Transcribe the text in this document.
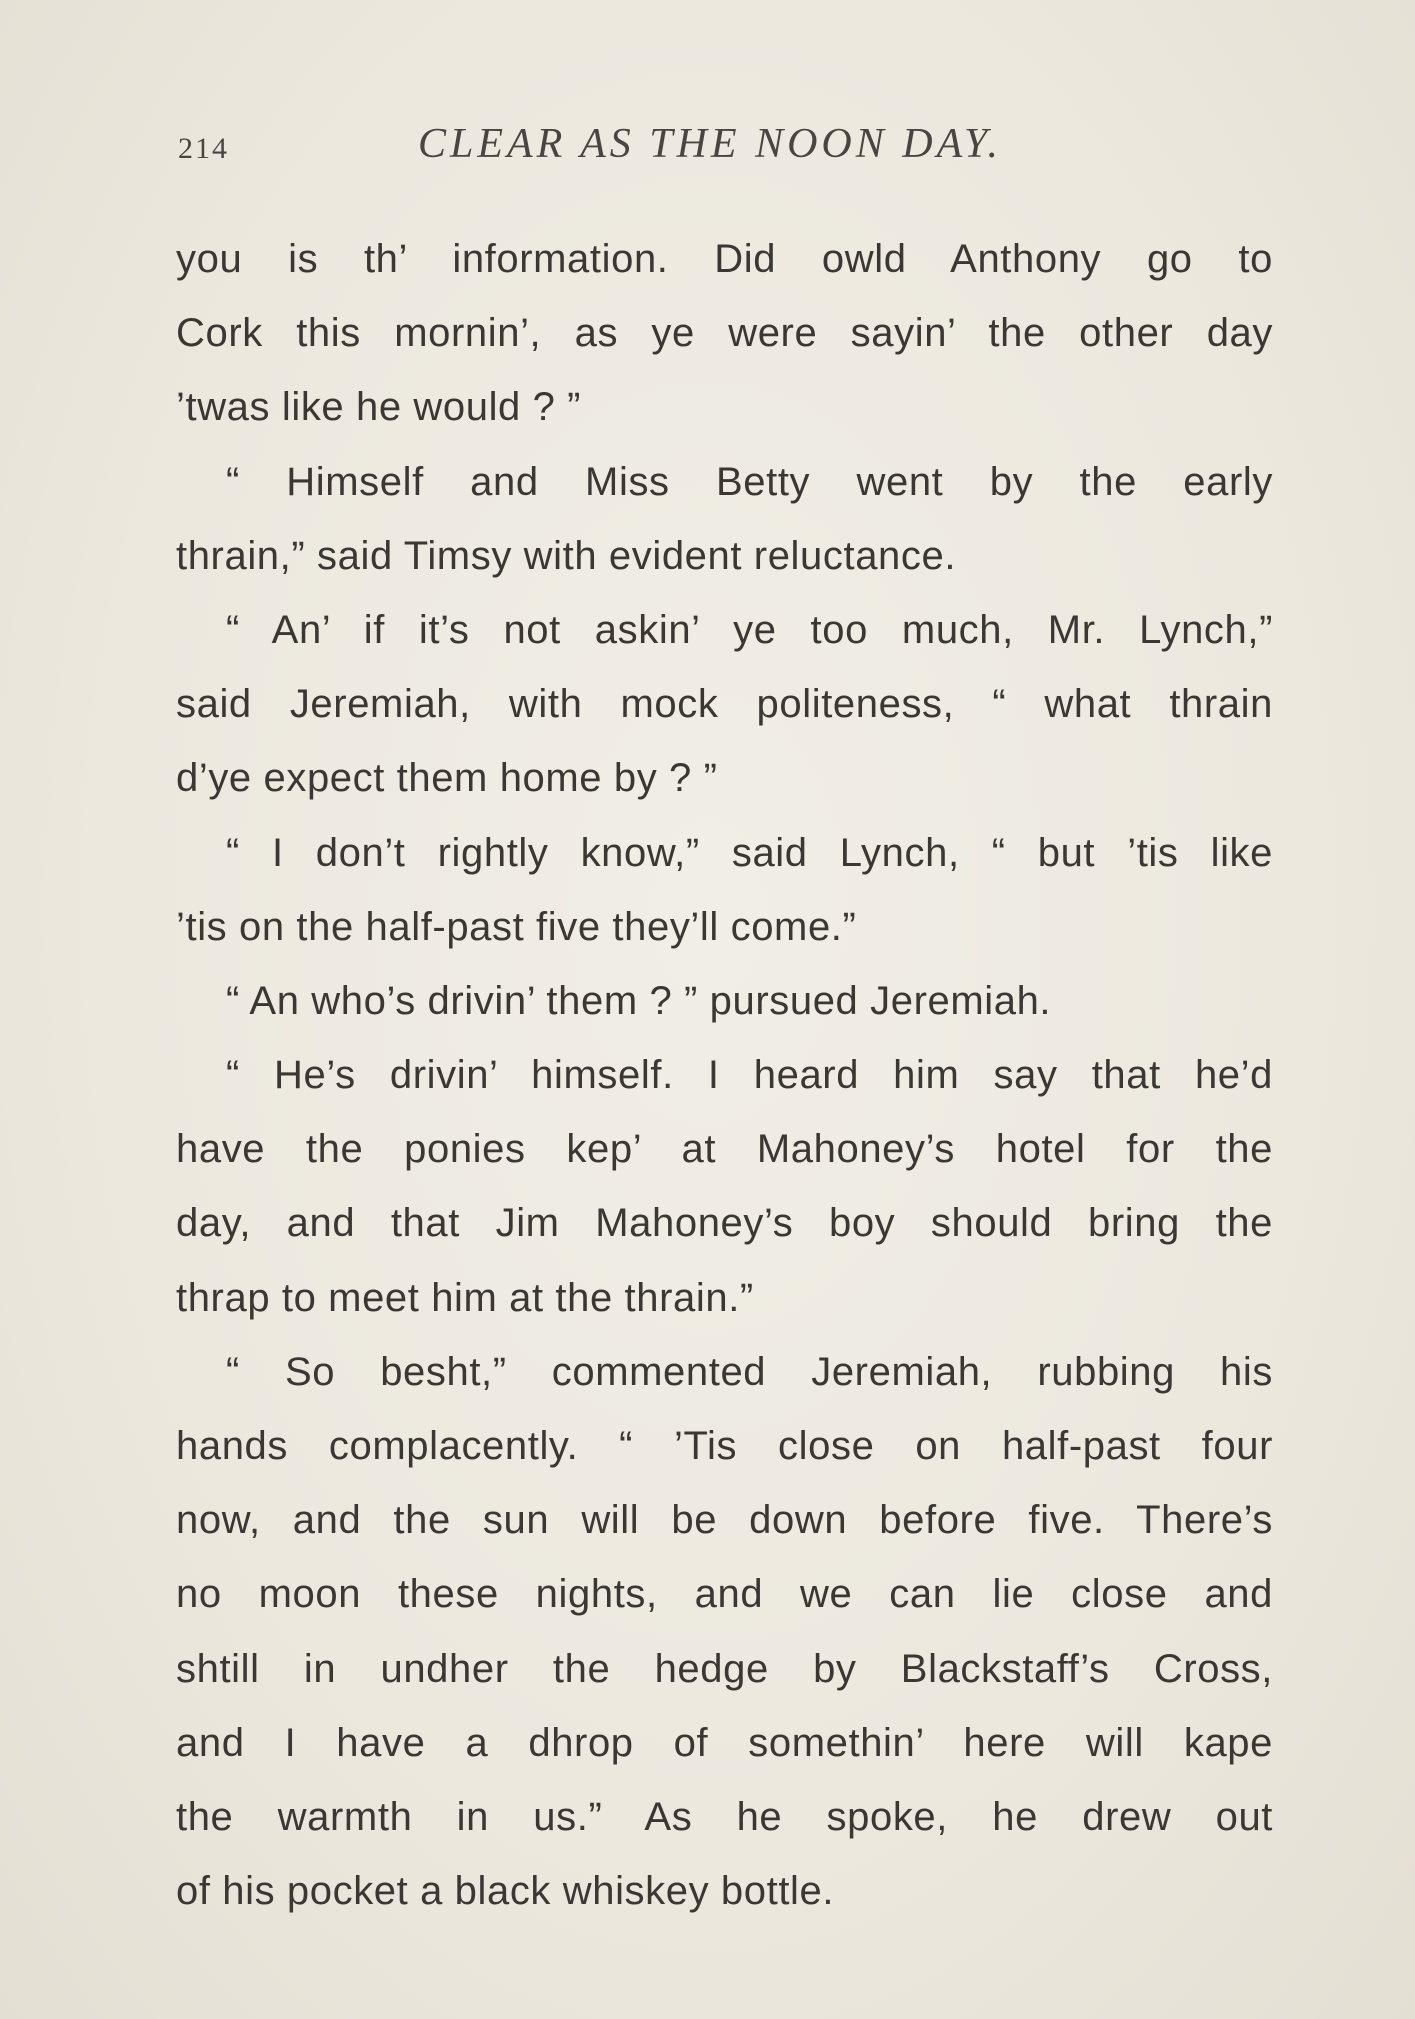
214	CLEAR AS THE NOON DAY.
you is th’ information. Did owld Anthony go to
Cork this mornin’, as ye were sayin’ the other day
’twas like he would ? ”
“ Himself and Miss Betty went by the early
thrain,” said Timsy with evident reluctance.
“ An’ if it’s not askin’ ye too much, Mr. Lynch,”
said Jeremiah, with mock politeness, “ what thrain
d’ye expect them home by ? ”
“ I don’t rightly know,” said Lynch, “ but ’tis like
’tis on the half-past five they’ll come.”
“ An who’s drivin’ them ? ” pursued Jeremiah.
“ He’s drivin’ himself. I heard him say that he’d
have the ponies kep’ at Mahoney’s hotel for the
day, and that Jim Mahoney’s boy should bring the
thrap to meet him at the thrain.”
“ So besht,” commented Jeremiah, rubbing his
hands complacently. “ ’Tis close on half-past four
now, and the sun will be down before five. There’s
no moon these nights, and we can lie close and
shtill in undher the hedge by Blackstaff’s Cross,
and I have a dhrop of somethin’ here will kape
the warmth in us.” As he spoke, he drew out
of his pocket a black whiskey bottle.
